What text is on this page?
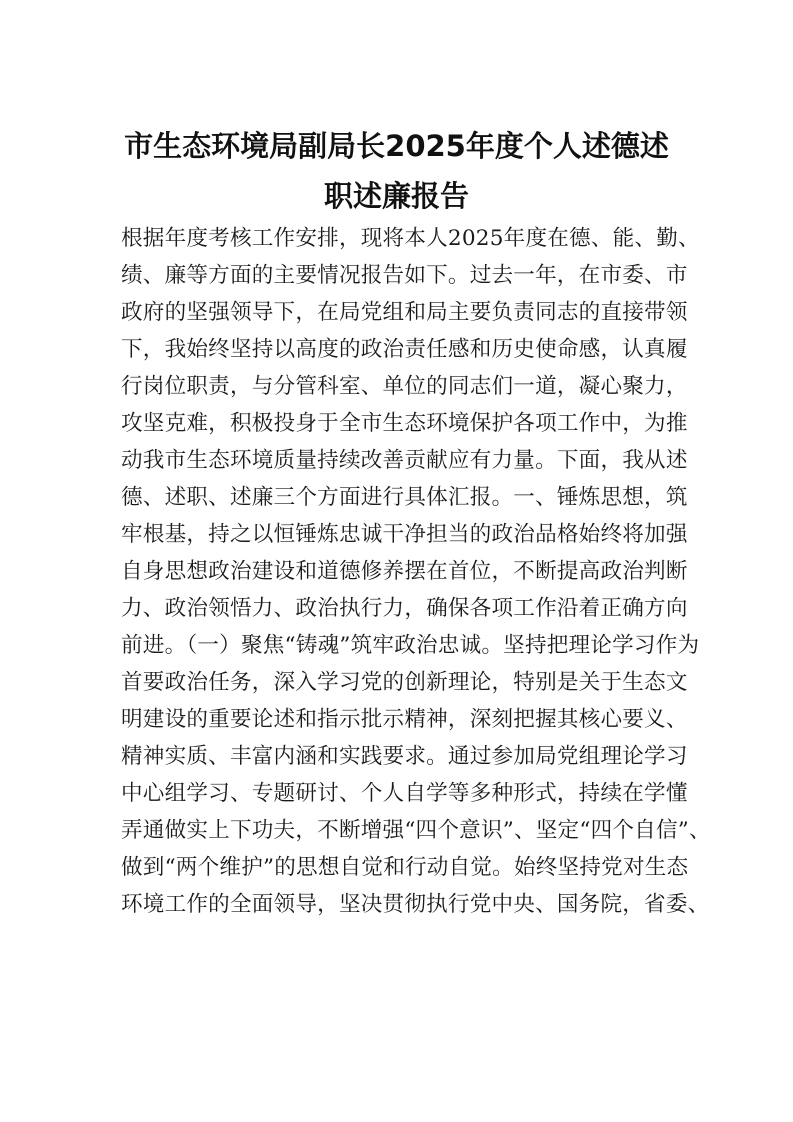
市生态环境局副局长2025年度个人述德述
职述廉报告
根据年度考核工作安排，现将本人2025年度在德、能、勤、
绩、廉等方面的主要情况报告如下。过去一年，在市委、市
政府的坚强领导下，在局党组和局主要负责同志的直接带领
下，我始终坚持以高度的政治责任感和历史使命感，认真履
行岗位职责，与分管科室、单位的同志们一道，凝心聚力，
攻坚克难，积极投身于全市生态环境保护各项工作中，为推
动我市生态环境质量持续改善贡献应有力量。下面，我从述
德、述职、述廉三个方面进行具体汇报。一、锤炼思想，筑
牢根基，持之以恒锤炼忠诚干净担当的政治品格始终将加强
自身思想政治建设和道德修养摆在首位，不断提高政治判断
力、政治领悟力、政治执行力，确保各项工作沿着正确方向
前进。（一）聚焦“铸魂”筑牢政治忠诚。坚持把理论学习作为
首要政治任务，深入学习党的创新理论，特别是关于生态文
明建设的重要论述和指示批示精神，深刻把握其核心要义、
精神实质、丰富内涵和实践要求。通过参加局党组理论学习
中心组学习、专题研讨、个人自学等多种形式，持续在学懂
弄通做实上下功夫，不断增强“四个意识”、坚定“四个自信”、
做到“两个维护”的思想自觉和行动自觉。始终坚持党对生态
环境工作的全面领导，坚决贯彻执行党中央、国务院，省委、
